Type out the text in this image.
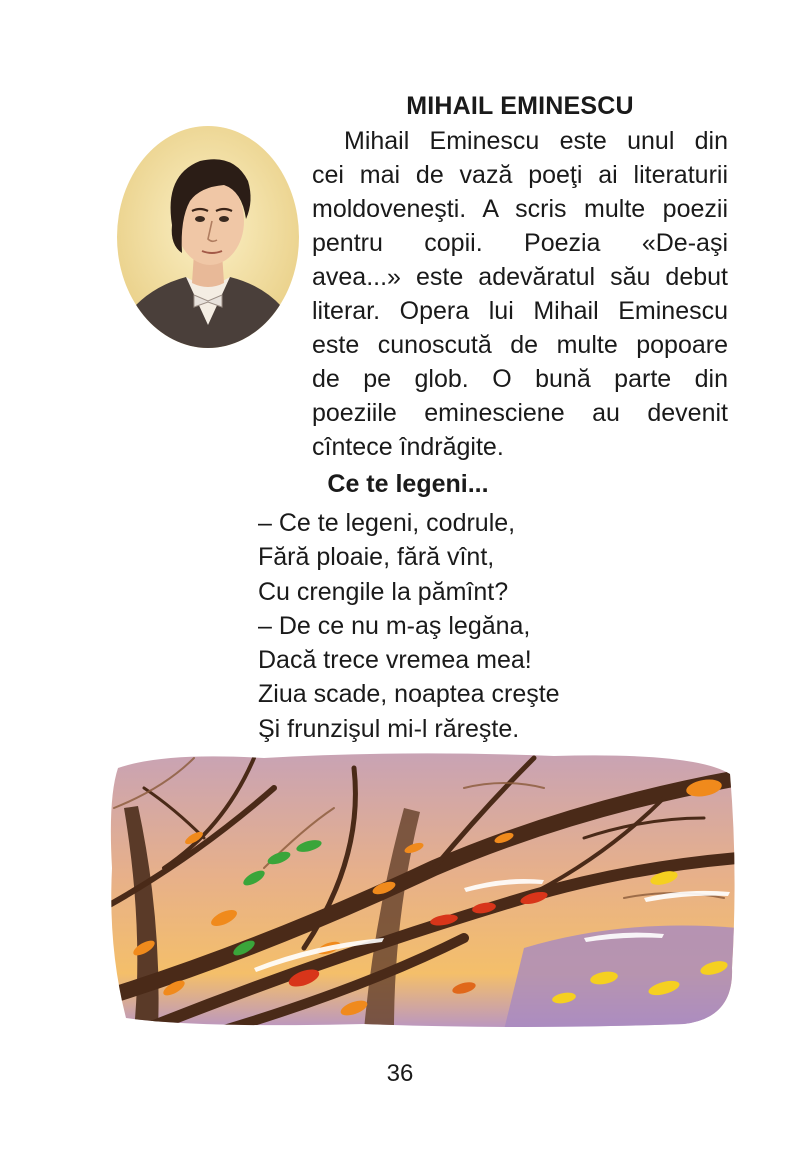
MIHAIL EMINESCU
Mihail Eminescu este unul din
cei mai de vază poeţi ai literaturii
moldoveneşti. A scris multe poezii
pentru copii. Poezia «De-aşi
avea...» este adevăratul său debut
literar. Opera lui Mihail Eminescu
este cunoscută de multe popoare
de pe glob. O bună parte din
poeziile eminesciene au devenit
cîntece îndrăgite.
Ce te legeni...
– Ce te legeni, codrule,
Fără ploaie, fără vînt,
Cu crengile la pămînt?
– De ce nu m-aş legăna,
Dacă trece vremea mea!
Ziua scade, noaptea creşte
Şi frunzişul mi-l răreşte.
36
